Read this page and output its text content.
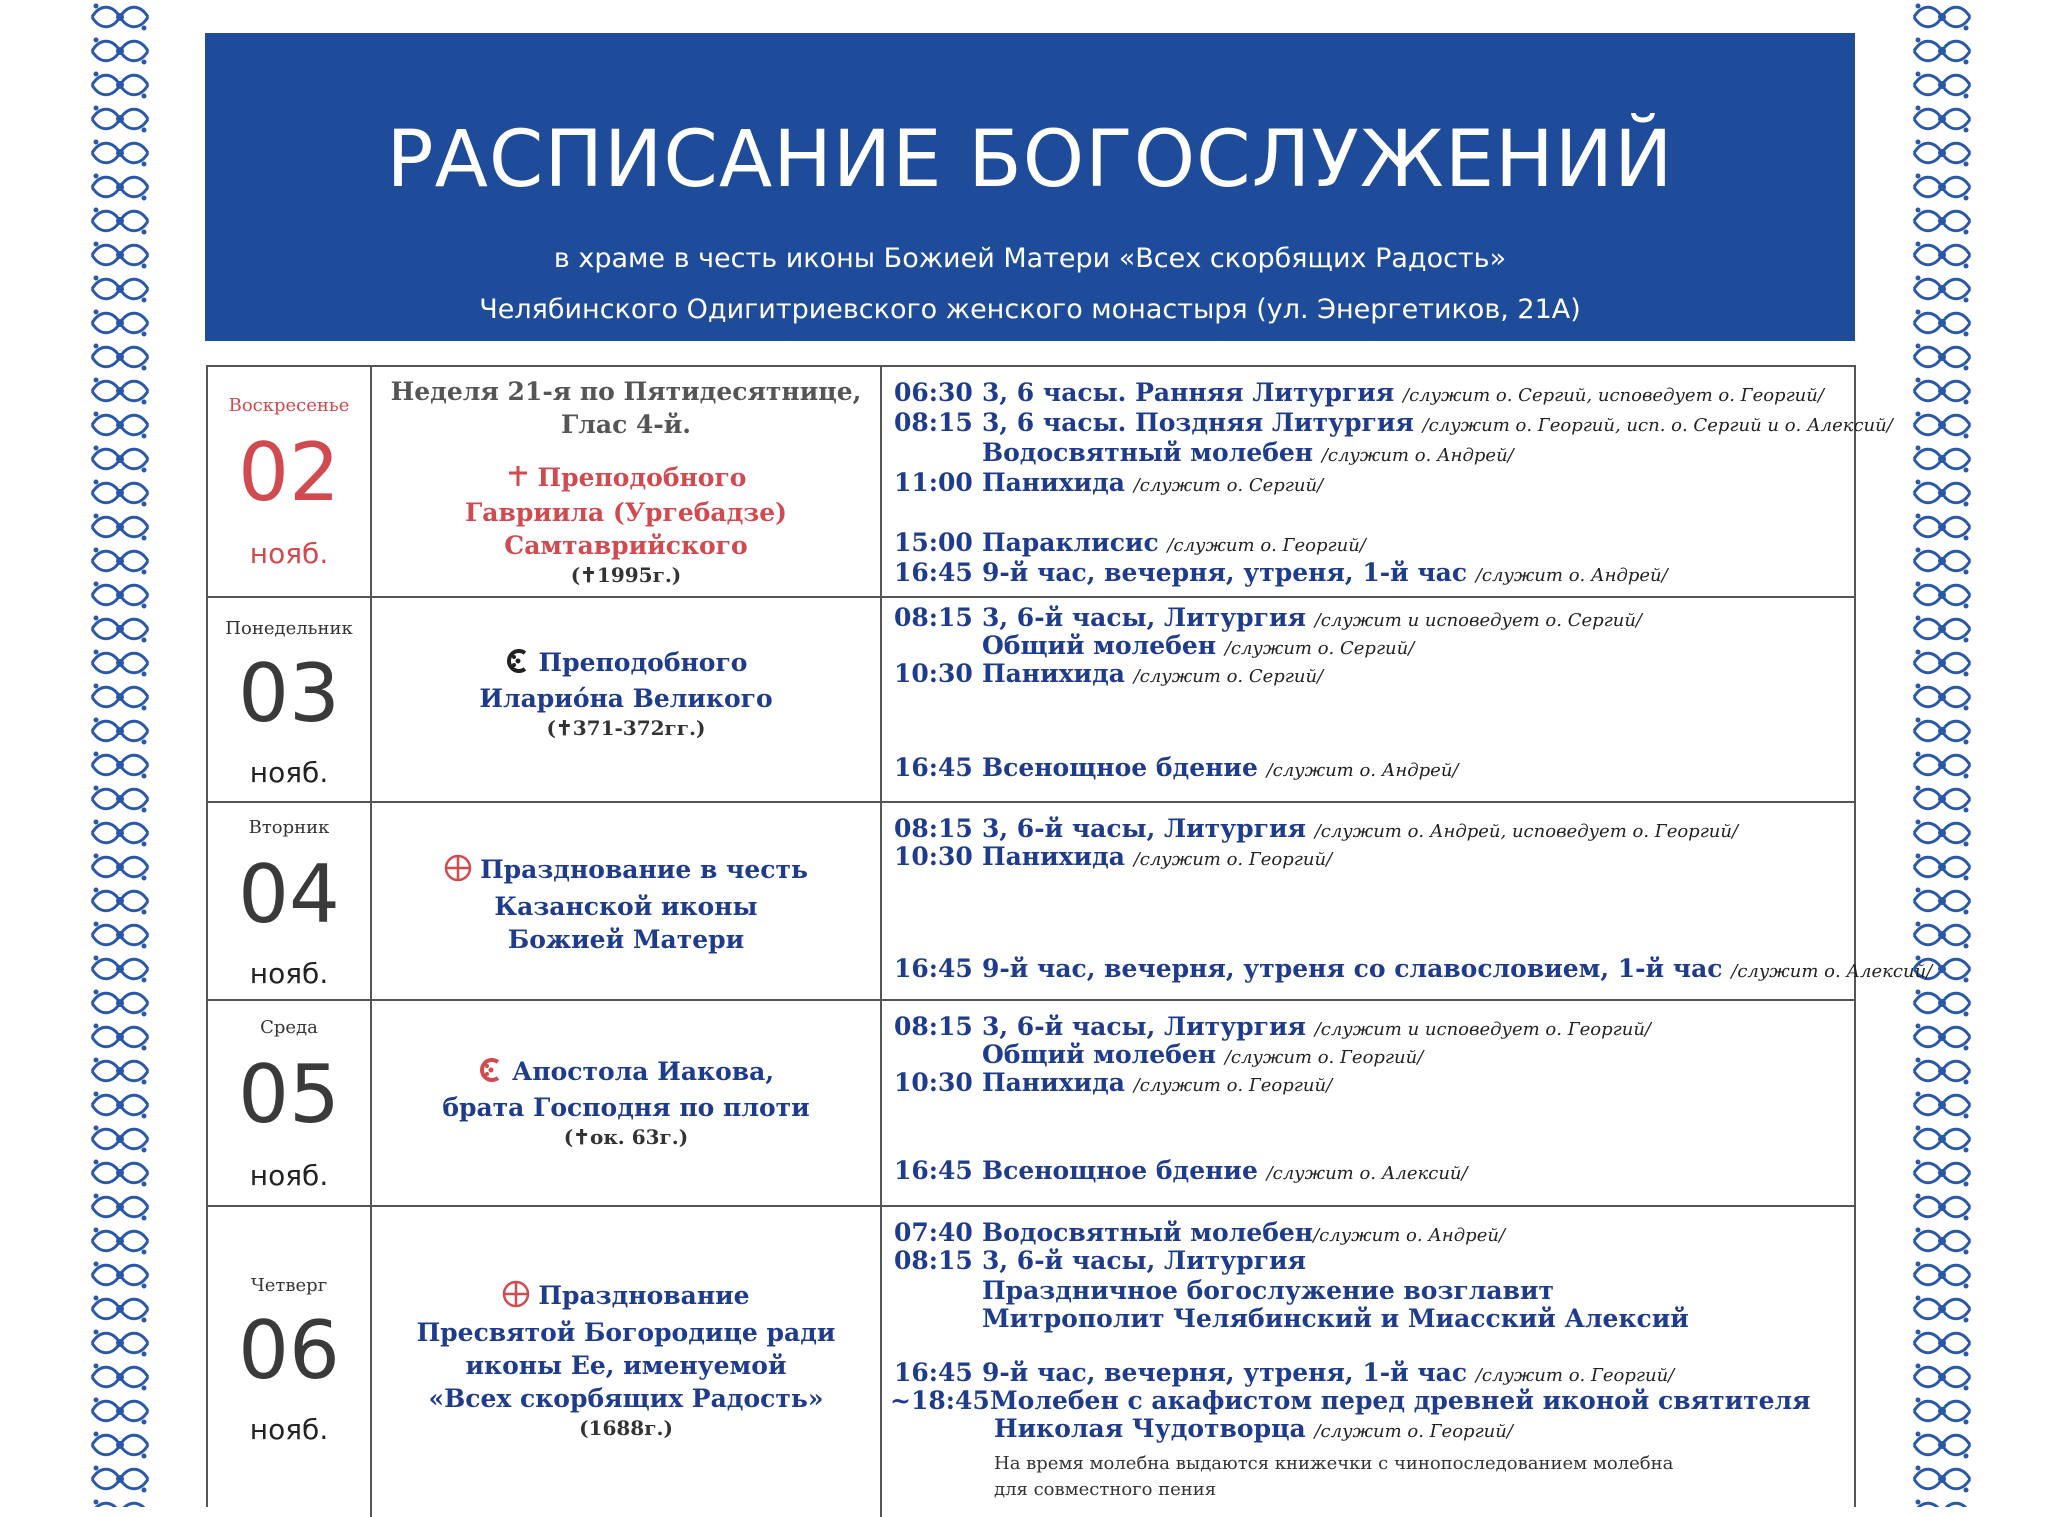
РАСПИСАНИЕ БОГОСЛУЖЕНИЙ
в храме в честь иконы Божией Матери «Всех скорбящих Радость»
Челябинского Одигитриевского женского монастыря (ул. Энергетиков, 21А)
Воскресенье
02
нояб.
Неделя 21-я по Пятидесятнице,
Глас 4-й.
Преподобного
Гавриила (Ургебадзе)
Самтаврийского
(✝1995г.)
06:30 3, 6 часы. Ранняя Литургия /служит о. Сергий, исповедует о. Георгий/
08:15 3, 6 часы. Поздняя Литургия /служит о. Георгий, исп. о. Сергий и о. Алексий/
Водосвятный молебен /служит о. Андрей/
11:00 Панихида /служит о. Сергий/
15:00 Параклисис /служит о. Георгий/
16:45 9-й час, вечерня, утреня, 1-й час /служит о. Андрей/
Понедельник
03
нояб.
Преподобного
Иларио́на Великого
(✝371-372гг.)
08:15 3, 6-й часы, Литургия /служит и исповедует о. Сергий/
Общий молебен /служит о. Сергий/
10:30 Панихида /служит о. Сергий/
16:45 Всенощное бдение /служит о. Андрей/
Вторник
04
нояб.
Празднование в честь
Казанской иконы
Божией Матери
08:15 3, 6-й часы, Литургия /служит о. Андрей, исповедует о. Георгий/
10:30 Панихида /служит о. Георгий/
16:45 9-й час, вечерня, утреня со славословием, 1-й час /служит о. Алексий/
Среда
05
нояб.
Апостола Иакова,
брата Господня по плоти
(✝ок. 63г.)
08:15 3, 6-й часы, Литургия /служит и исповедует о. Георгий/
Общий молебен /служит о. Георгий/
10:30 Панихида /служит о. Георгий/
16:45 Всенощное бдение /служит о. Алексий/
Четверг
06
нояб.
Празднование
Пресвятой Богородице ради
иконы Ее, именуемой
«Всех скорбящих Радость»
(1688г.)
07:40 Водосвятный молебен/служит о. Андрей/
08:15 3, 6-й часы, Литургия
Праздничное богослужение возглавит
Митрополит Челябинский и Миасский Алексий
16:45 9-й час, вечерня, утреня, 1-й час /служит о. Георгий/
~18:45Молебен с акафистом перед древней иконой святителя
Николая Чудотворца /служит о. Георгий/
На время молебна выдаются книжечки с чинопоследованием молебна
для совместного пения
